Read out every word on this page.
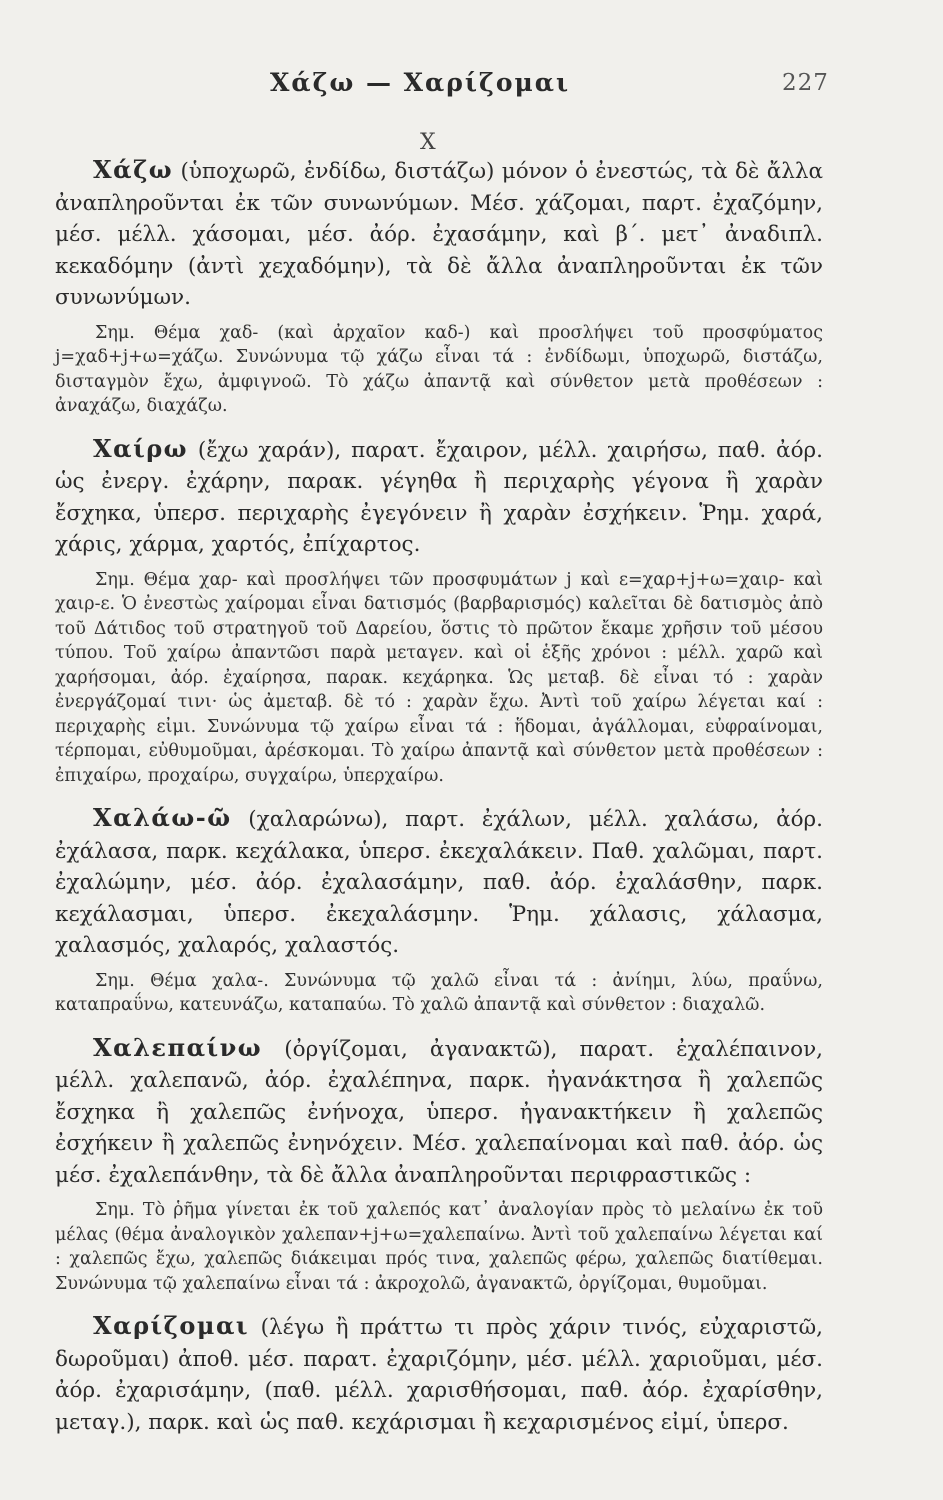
Χάζω — Χαρίζομαι	227
Χ

Χάζω (ὑποχωρῶ, ἐνδίδω, διστάζω) μόνον ὁ ἐνεστώς, τὰ δὲ ἄλλα ἀναπληροῦνται ἐκ τῶν συνωνύμων. Μέσ. χάζομαι, παρτ. ἐχαζόμην, μέσ. μέλλ. χάσομαι, μέσ. ἀόρ. ἐχασάμην, καὶ β΄. μετ᾽ ἀναδιπλ. κεκαδόμην (ἀντὶ χεχαδόμην), τὰ δὲ ἄλλα ἀναπληροῦνται ἐκ τῶν συνωνύμων.

Σημ. Θέμα χαδ- (καὶ ἀρχαῖον καδ-) καὶ προσλήψει τοῦ προσφύματος j=χαδ+j+ω=χάζω. Συνώνυμα τῷ χάζω εἶναι τά : ἐνδίδωμι, ὑποχωρῶ, διστάζω, δισταγμὸν ἔχω, ἀμφιγνοῶ. Τὸ χάζω ἀπαντᾷ καὶ σύνθετον μετὰ προθέσεων : ἀναχάζω, διαχάζω.

Χαίρω (ἔχω χαράν), παρατ. ἔχαιρον, μέλλ. χαιρήσω, παθ. ἀόρ. ὡς ἐνεργ. ἐχάρην, παρακ. γέγηθα ἢ περιχαρὴς γέγονα ἢ χαρὰν ἔσχηκα, ὑπερσ. περιχαρὴς ἐγεγόνειν ἢ χαρὰν ἐσχήκειν. Ῥημ. χαρά, χάρις, χάρμα, χαρτός, ἐπίχαρτος.

Σημ. Θέμα χαρ- καὶ προσλήψει τῶν προσφυμάτων j καὶ ε=χαρ+j+ω=χαιρ- καὶ χαιρ-ε. Ὁ ἐνεστὼς χαίρομαι εἶναι δατισμός (βαρβαρισμός) καλεῖται δὲ δατισμὸς ἀπὸ τοῦ Δάτιδος τοῦ στρατηγοῦ τοῦ Δαρείου, ὅστις τὸ πρῶτον ἔκαμε χρῆσιν τοῦ μέσου τύπου. Τοῦ χαίρω ἀπαντῶσι παρὰ μεταγεν. καὶ οἱ ἑξῆς χρόνοι : μέλλ. χαρῶ καὶ χαρήσομαι, ἀόρ. ἐχαίρησα, παρακ. κεχάρηκα. Ὡς μεταβ. δὲ εἶναι τό : χαρὰν ἐνεργάζομαί τινι· ὡς ἀμεταβ. δὲ τό : χαρὰν ἔχω. Ἀντὶ τοῦ χαίρω λέγεται καί : περιχαρὴς εἰμι. Συνώνυμα τῷ χαίρω εἶναι τά : ἥδομαι, ἀγάλλομαι, εὐφραίνομαι, τέρπομαι, εὐθυμοῦμαι, ἀρέσκομαι. Τὸ χαίρω ἀπαντᾷ καὶ σύνθετον μετὰ προθέσεων : ἐπιχαίρω, προχαίρω, συγχαίρω, ὑπερχαίρω.

Χαλάω-ῶ (χαλαρώνω), παρτ. ἐχάλων, μέλλ. χαλάσω, ἀόρ. ἐχάλασα, παρκ. κεχάλακα, ὑπερσ. ἐκεχαλάκειν. Παθ. χαλῶμαι, παρτ. ἐχαλώμην, μέσ. ἀόρ. ἐχαλασάμην, παθ. ἀόρ. ἐχαλάσθην, παρκ. κεχάλασμαι, ὑπερσ. ἐκεχαλάσμην. Ῥημ. χάλασις, χάλασμα, χαλασμός, χαλαρός, χαλαστός.

Σημ. Θέμα χαλα-. Συνώνυμα τῷ χαλῶ εἶναι τά : ἀνίημι, λύω, πραΰνω, καταπραΰνω, κατευνάζω, καταπαύω. Τὸ χαλῶ ἀπαντᾷ καὶ σύνθετον : διαχαλῶ.

Χαλεπαίνω (ὀργίζομαι, ἀγανακτῶ), παρατ. ἐχαλέπαινον, μέλλ. χαλεπανῶ, ἀόρ. ἐχαλέπηνα, παρκ. ἠγανάκτησα ἢ χαλεπῶς ἔσχηκα ἢ χαλεπῶς ἐνήνοχα, ὑπερσ. ἠγανακτήκειν ἢ χαλεπῶς ἐσχήκειν ἢ χαλεπῶς ἐνηνόχειν. Μέσ. χαλεπαίνομαι καὶ παθ. ἀόρ. ὡς μέσ. ἐχαλεπάνθην, τὰ δὲ ἄλλα ἀναπληροῦνται περιφραστικῶς :

Σημ. Τὸ ῥῆμα γίνεται ἐκ τοῦ χαλεπός κατ᾽ ἀναλογίαν πρὸς τὸ μελαίνω ἐκ τοῦ μέλας (θέμα ἀναλογικὸν χαλεπαν+j+ω=χαλεπαίνω. Ἀντὶ τοῦ χαλεπαίνω λέγεται καί : χαλεπῶς ἔχω, χαλεπῶς διάκειμαι πρός τινα, χαλεπῶς φέρω, χαλεπῶς διατίθεμαι. Συνώνυμα τῷ χαλεπαίνω εἶναι τά : ἀκροχολῶ, ἀγανακτῶ, ὀργίζομαι, θυμοῦμαι.

Χαρίζομαι (λέγω ἢ πράττω τι πρὸς χάριν τινός, εὐχαριστῶ, δωροῦμαι) ἀποθ. μέσ. παρατ. ἐχαριζόμην, μέσ. μέλλ. χαριοῦμαι, μέσ. ἀόρ. ἐχαρισάμην, (παθ. μέλλ. χαρισθήσομαι, παθ. ἀόρ. ἐχαρίσθην, μεταγ.), παρκ. καὶ ὡς παθ. κεχάρισμαι ἢ κεχαρισμένος εἰμί, ὑπερσ.
